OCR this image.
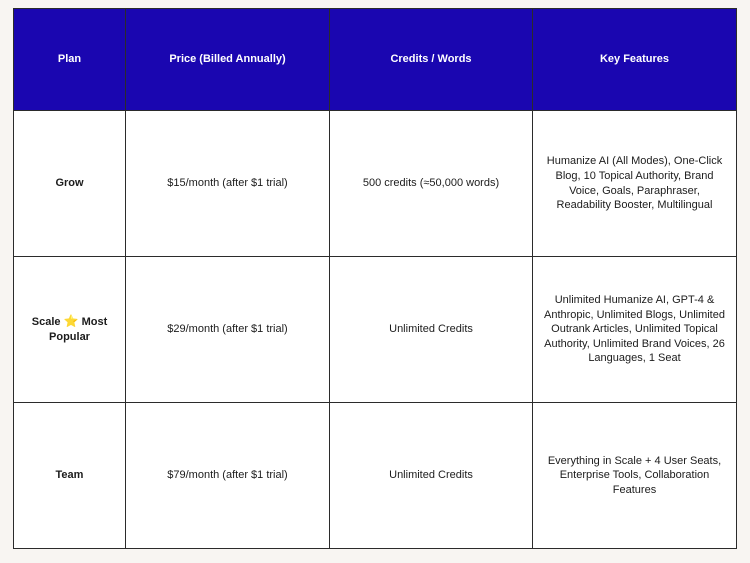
Plan	Price (Billed Annually)	Credits / Words	Key Features
Grow	$15/month (after $1 trial)	500 credits (≈50,000 words)	Humanize AI (All Modes), One-Click Blog, 10 Topical Authority, Brand Voice, Goals, Paraphraser, Readability Booster, Multilingual
Scale ⭐ Most Popular	$29/month (after $1 trial)	Unlimited Credits	Unlimited Humanize AI, GPT-4 & Anthropic, Unlimited Blogs, Unlimited Outrank Articles, Unlimited Topical Authority, Unlimited Brand Voices, 26 Languages, 1 Seat
Team	$79/month (after $1 trial)	Unlimited Credits	Everything in Scale + 4 User Seats, Enterprise Tools, Collaboration Features
